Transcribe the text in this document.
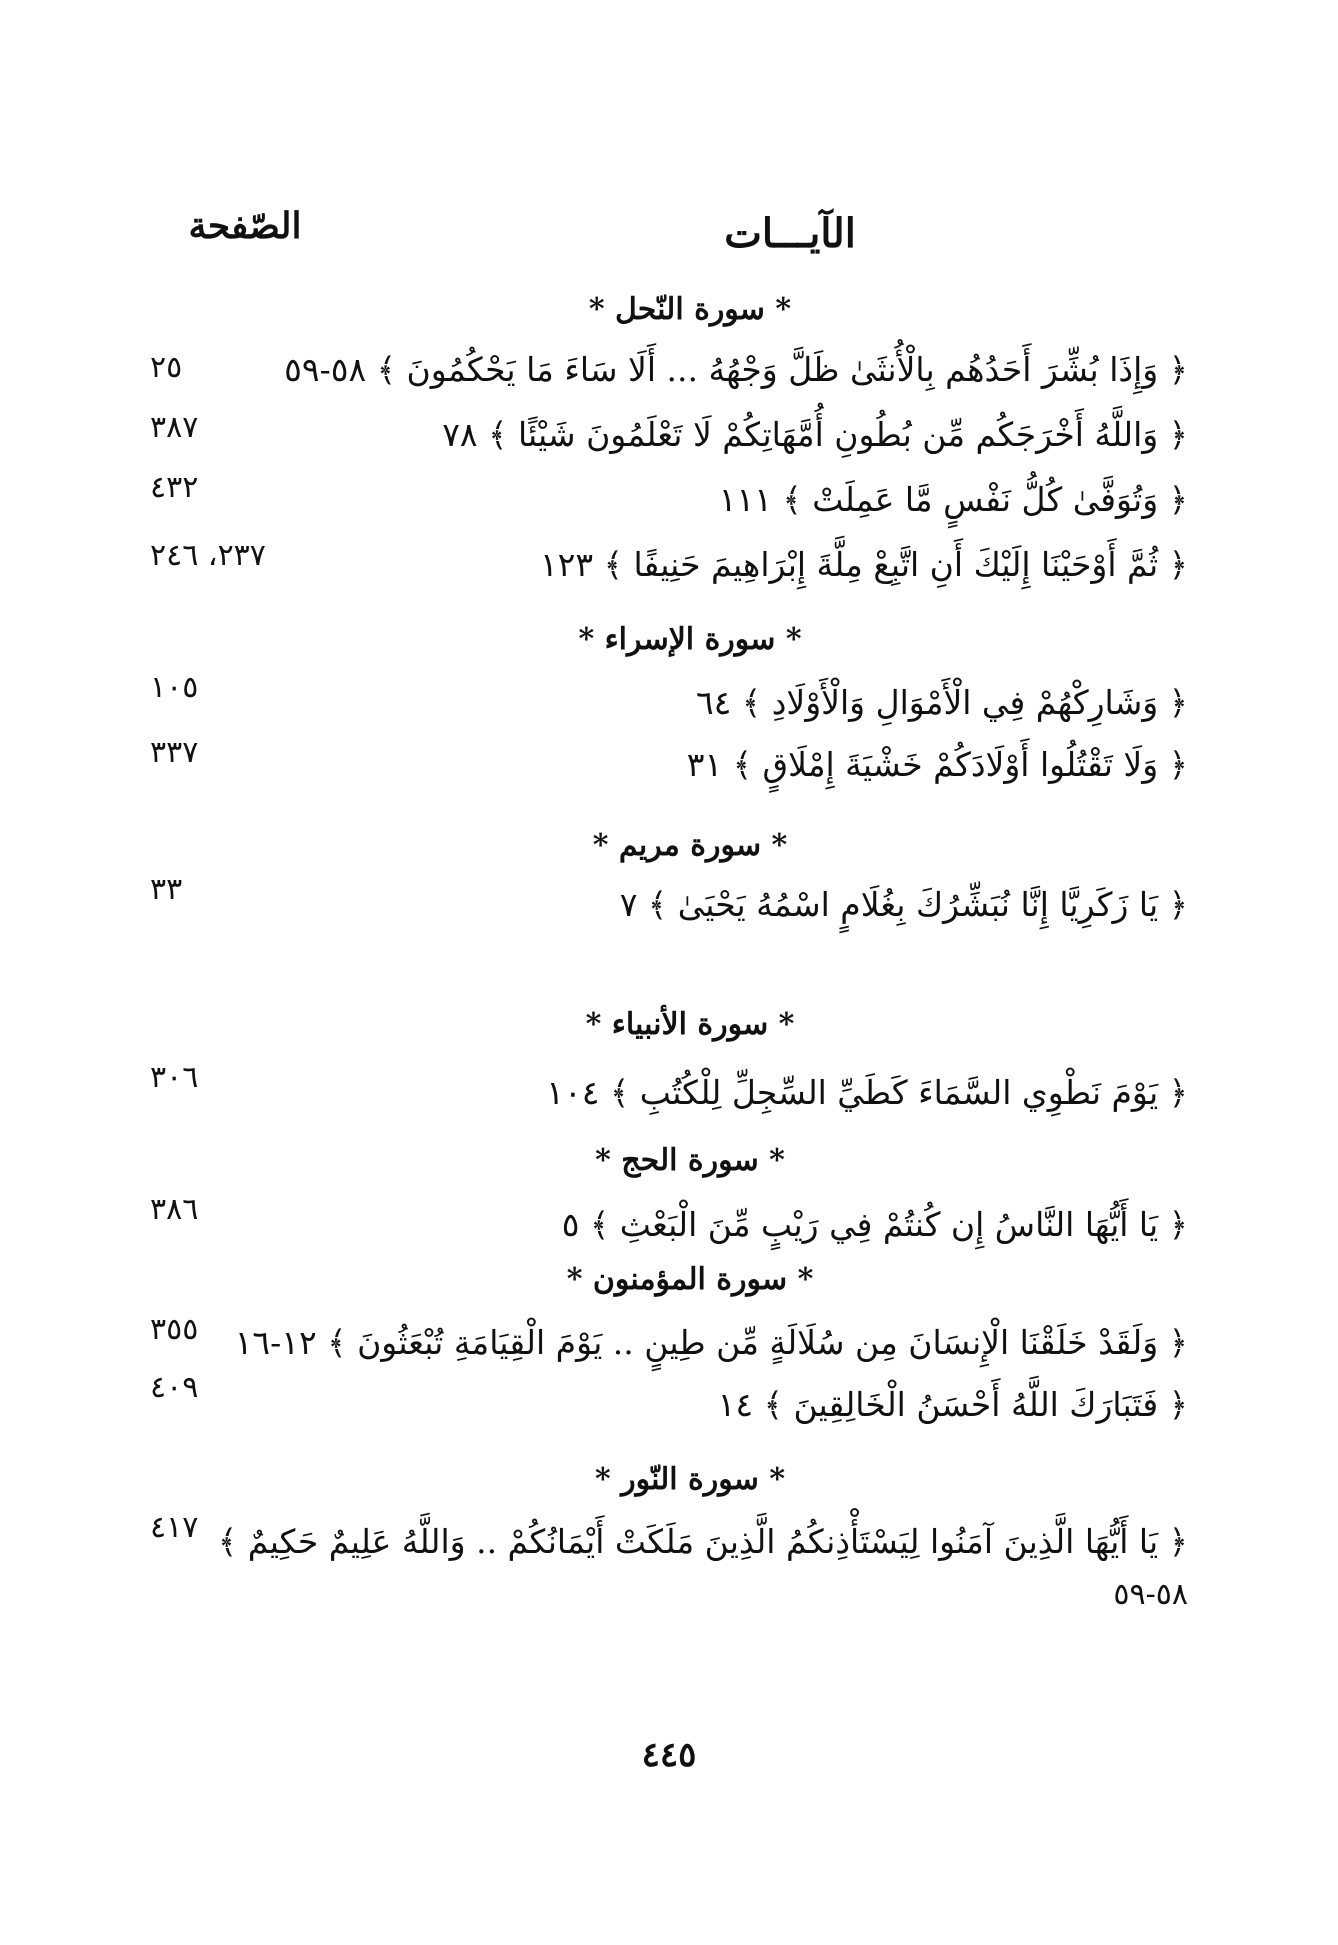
الآيـــات
الصّفحة
* سورة النّحل *
﴿ وَإِذَا بُشِّرَ أَحَدُهُم بِالْأُنثَىٰ ظَلَّ وَجْهُهُ ... أَلَا سَاءَ مَا يَحْكُمُونَ ﴾ ٥٨-٥٩
٢٥
﴿ وَاللَّهُ أَخْرَجَكُم مِّن بُطُونِ أُمَّهَاتِكُمْ لَا تَعْلَمُونَ شَيْئًا ﴾ ٧٨
٣٨٧
﴿ وَتُوَفَّىٰ كُلُّ نَفْسٍ مَّا عَمِلَتْ ﴾ ١١١
٤٣٢
﴿ ثُمَّ أَوْحَيْنَا إِلَيْكَ أَنِ اتَّبِعْ مِلَّةَ إِبْرَاهِيمَ حَنِيفًا ﴾ ١٢٣
٢٣٧، ٢٤٦
* سورة الإسراء *
﴿ وَشَارِكْهُمْ فِي الْأَمْوَالِ وَالْأَوْلَادِ ﴾ ٦٤
١٠٥
﴿ وَلَا تَقْتُلُوا أَوْلَادَكُمْ خَشْيَةَ إِمْلَاقٍ ﴾ ٣١
٣٣٧
* سورة مريم *
﴿ يَا زَكَرِيَّا إِنَّا نُبَشِّرُكَ بِغُلَامٍ اسْمُهُ يَحْيَىٰ ﴾ ٧
٣٣
* سورة الأنبياء *
﴿ يَوْمَ نَطْوِي السَّمَاءَ كَطَيِّ السِّجِلِّ لِلْكُتُبِ ﴾ ١٠٤
٣٠٦
* سورة الحج *
﴿ يَا أَيُّهَا النَّاسُ إِن كُنتُمْ فِي رَيْبٍ مِّنَ الْبَعْثِ ﴾ ٥
٣٨٦
* سورة المؤمنون *
﴿ وَلَقَدْ خَلَقْنَا الْإِنسَانَ مِن سُلَالَةٍ مِّن طِينٍ .. يَوْمَ الْقِيَامَةِ تُبْعَثُونَ ﴾ ١٢-١٦
٣٥٥
﴿ فَتَبَارَكَ اللَّهُ أَحْسَنُ الْخَالِقِينَ ﴾ ١٤
٤٠٩
* سورة النّور *
﴿ يَا أَيُّهَا الَّذِينَ آمَنُوا لِيَسْتَأْذِنكُمُ الَّذِينَ مَلَكَتْ أَيْمَانُكُمْ .. وَاللَّهُ عَلِيمٌ حَكِيمٌ ﴾
٤١٧
٥٨-٥٩
٤٤٥
